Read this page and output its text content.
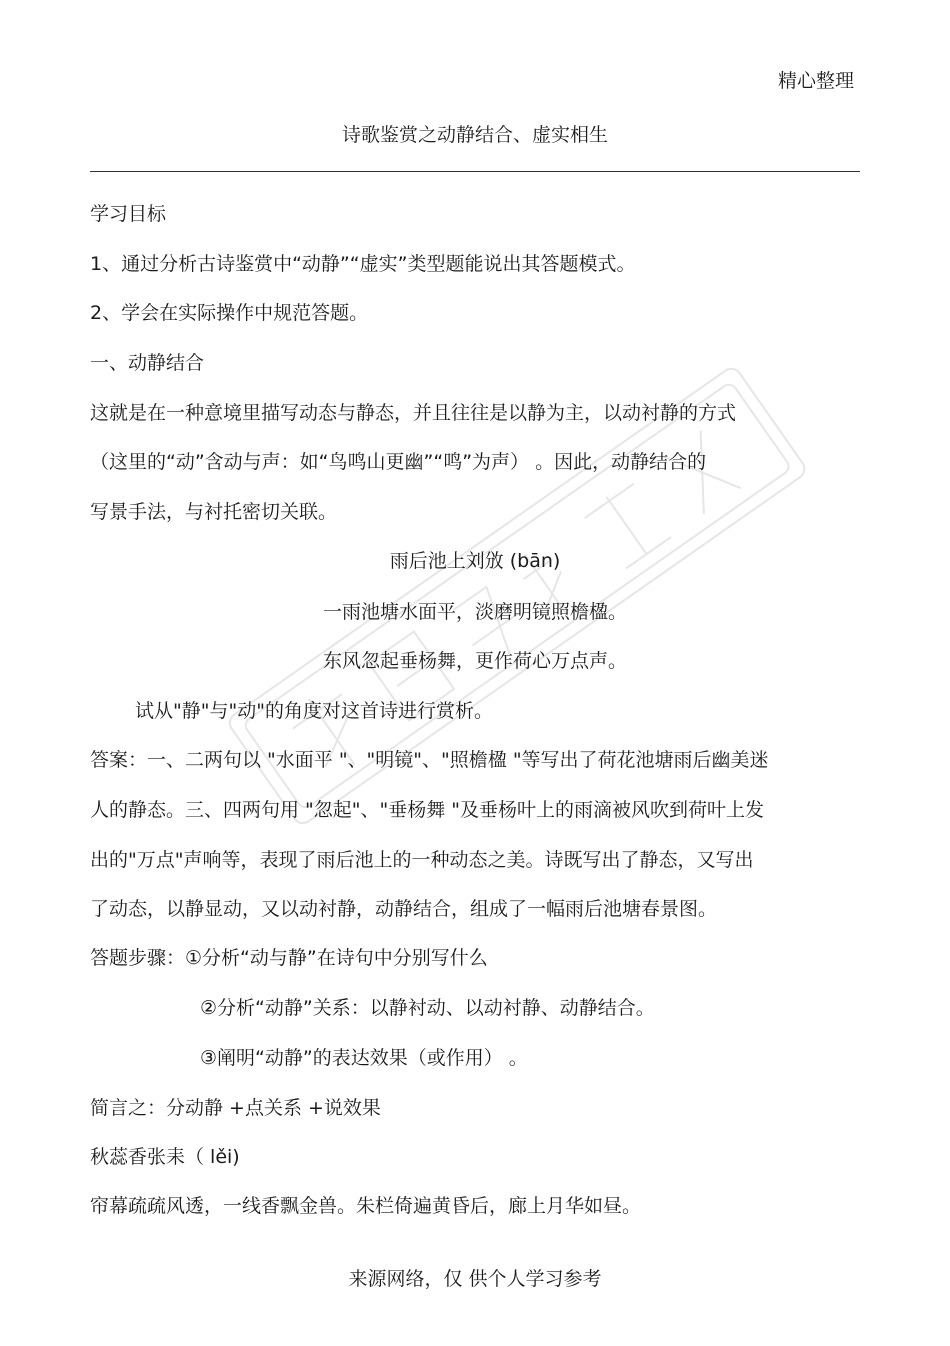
精心整理
诗歌鉴赏之动静结合、虚实相生
学习目标
1、通过分析古诗鉴赏中“动静”“虚实”类型题能说出其答题模式。
2、学会在实际操作中规范答题。
一、动静结合
这就是在一种意境里描写动态与静态，并且往往是以静为主，以动衬静的方式
（这里的“动”含动与声：如“鸟鸣山更幽”“鸣”为声） 。因此，动静结合的
写景手法，与衬托密切关联。
雨后池上刘攽 (bān)
一雨池塘水面平，淡磨明镜照檐楹。
东风忽起垂杨舞，更作荷心万点声。
试从"静"与"动"的角度对这首诗进行赏析。
答案：一、二两句以 "水面平 "、"明镜"、"照檐楹 "等写出了荷花池塘雨后幽美迷
人的静态。三、四两句用 "忽起"、"垂杨舞 "及垂杨叶上的雨滴被风吹到荷叶上发
出的"万点"声响等，表现了雨后池上的一种动态之美。诗既写出了静态，又写出
了动态，以静显动，又以动衬静，动静结合，组成了一幅雨后池塘春景图。
答题步骤：①分析“动与静”在诗句中分别写什么
②分析“动静”关系：以静衬动、以动衬静、动静结合。
③阐明“动静”的表达效果（或作用） 。
简言之：分动静 +点关系 +说效果
秋蕊香张耒（ lěi)
帘幕疏疏风透，一线香飘金兽。朱栏倚遍黄昏后，廊上月华如昼。
来源网络，仅 供个人学习参考
